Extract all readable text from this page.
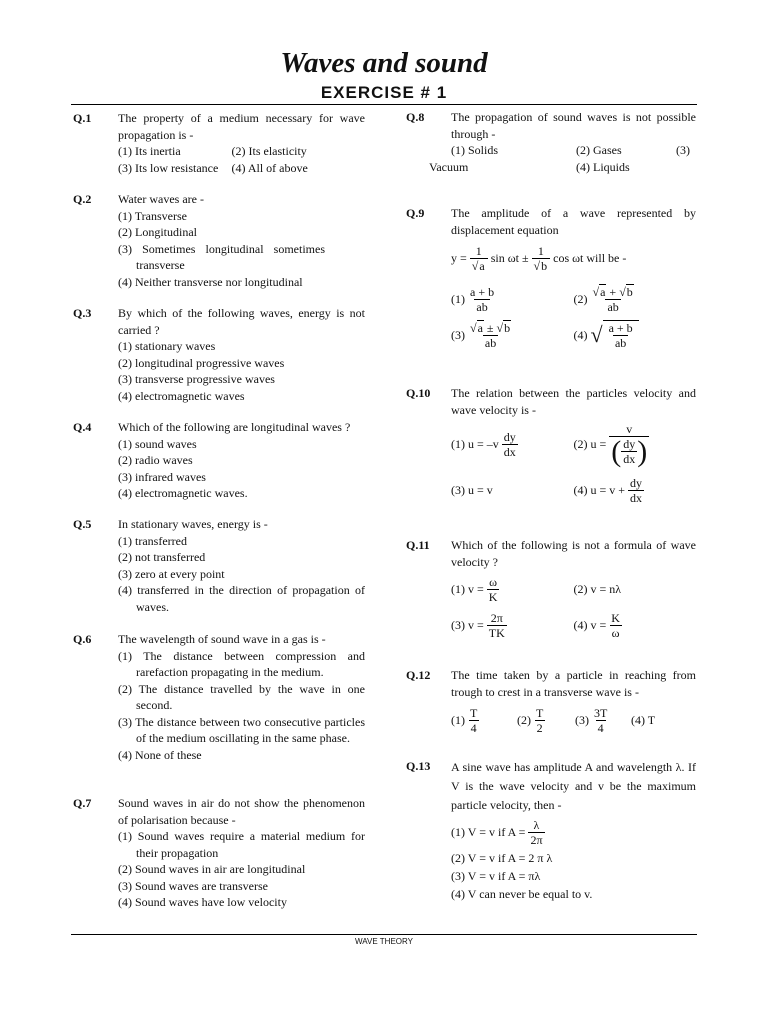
Waves and sound
EXERCISE # 1
Q.1 The property of a medium necessary for wave propagation is -
(1) Its inertia	(2) Its elasticity
(3) Its low resistance	(4) All of above
Q.2 Water waves are -
(1) Transverse
(2) Longitudinal
(3) Sometimes longitudinal sometimes transverse
(4) Neither transverse nor longitudinal
Q.3 By which of the following waves, energy is not carried ?
(1) stationary waves
(2) longitudinal progressive waves
(3) transverse progressive waves
(4) electromagnetic waves
Q.4 Which of the following are longitudinal waves ?
(1) sound waves
(2) radio waves
(3) infrared waves
(4) electromagnetic waves.
Q.5 In stationary waves, energy is -
(1) transferred
(2) not transferred
(3) zero at every point
(4) transferred in the direction of propagation of waves.
Q.6 The wavelength of sound wave in a gas is -
(1) The distance between compression and rarefaction propagating in the medium.
(2) The distance travelled by the wave in one second.
(3) The distance between two consecutive particles of the medium oscillating in the same phase.
(4) None of these
Q.7 Sound waves in air do not show the phenomenon of polarisation because -
(1) Sound waves require a material medium for their propagation
(2) Sound waves in air are longitudinal
(3) Sound waves are transverse
(4) Sound waves have low velocity
Q.8 The propagation of sound waves is not possible through -
(1) Solids	(2) Gases	(3)
Vacuum	(4) Liquids
Q.9 The amplitude of a wave represented by displacement equation
$y = \frac{1}{√a}$ $\sin \omega t \pm \frac{1}{√b}$ cos ωt will be -
$(1) \frac{a + b}{ab}$	$(2) \frac{√a + √b}{ab}$
$(3) \frac{√a \pm √b}{ab}$	(4) √ $\frac{a + b}{ab}$
Q.10 The relation between the particles velocity and wave velocity is -
(1) $u = -v \frac{dy}{dx}$	(2) $u = \frac{v}{( \frac{dy}{dx} )}$
(3) u = v	(4) $u = v + \frac{dy}{dx}$
Q.11 Which of the following is not a formula of wave velocity ?
(1) $v = \frac{\omega}{K}$	(2) v = nλ
(3) $v = \frac{2\pi}{TK}$	(4) $v = \frac{K}{\omega}$
Q.12 The time taken by a particle in reaching from trough to crest in a transverse wave is -
$(1) \frac{T}{4}$	$(2) \frac{T}{2} (3) \frac{3T}{4} (4)$ T
Q.13 A sine wave has amplitude A and wavelength λ. If V is the wave velocity and v be the maximum particle velocity, then -
(1) V = v if $A = \frac{\lambda}{2\pi}$
(2) V = v if A = 2 π λ
(3) V = v if A = πλ
(4) V can never be equal to v.
WAVE THEORY
